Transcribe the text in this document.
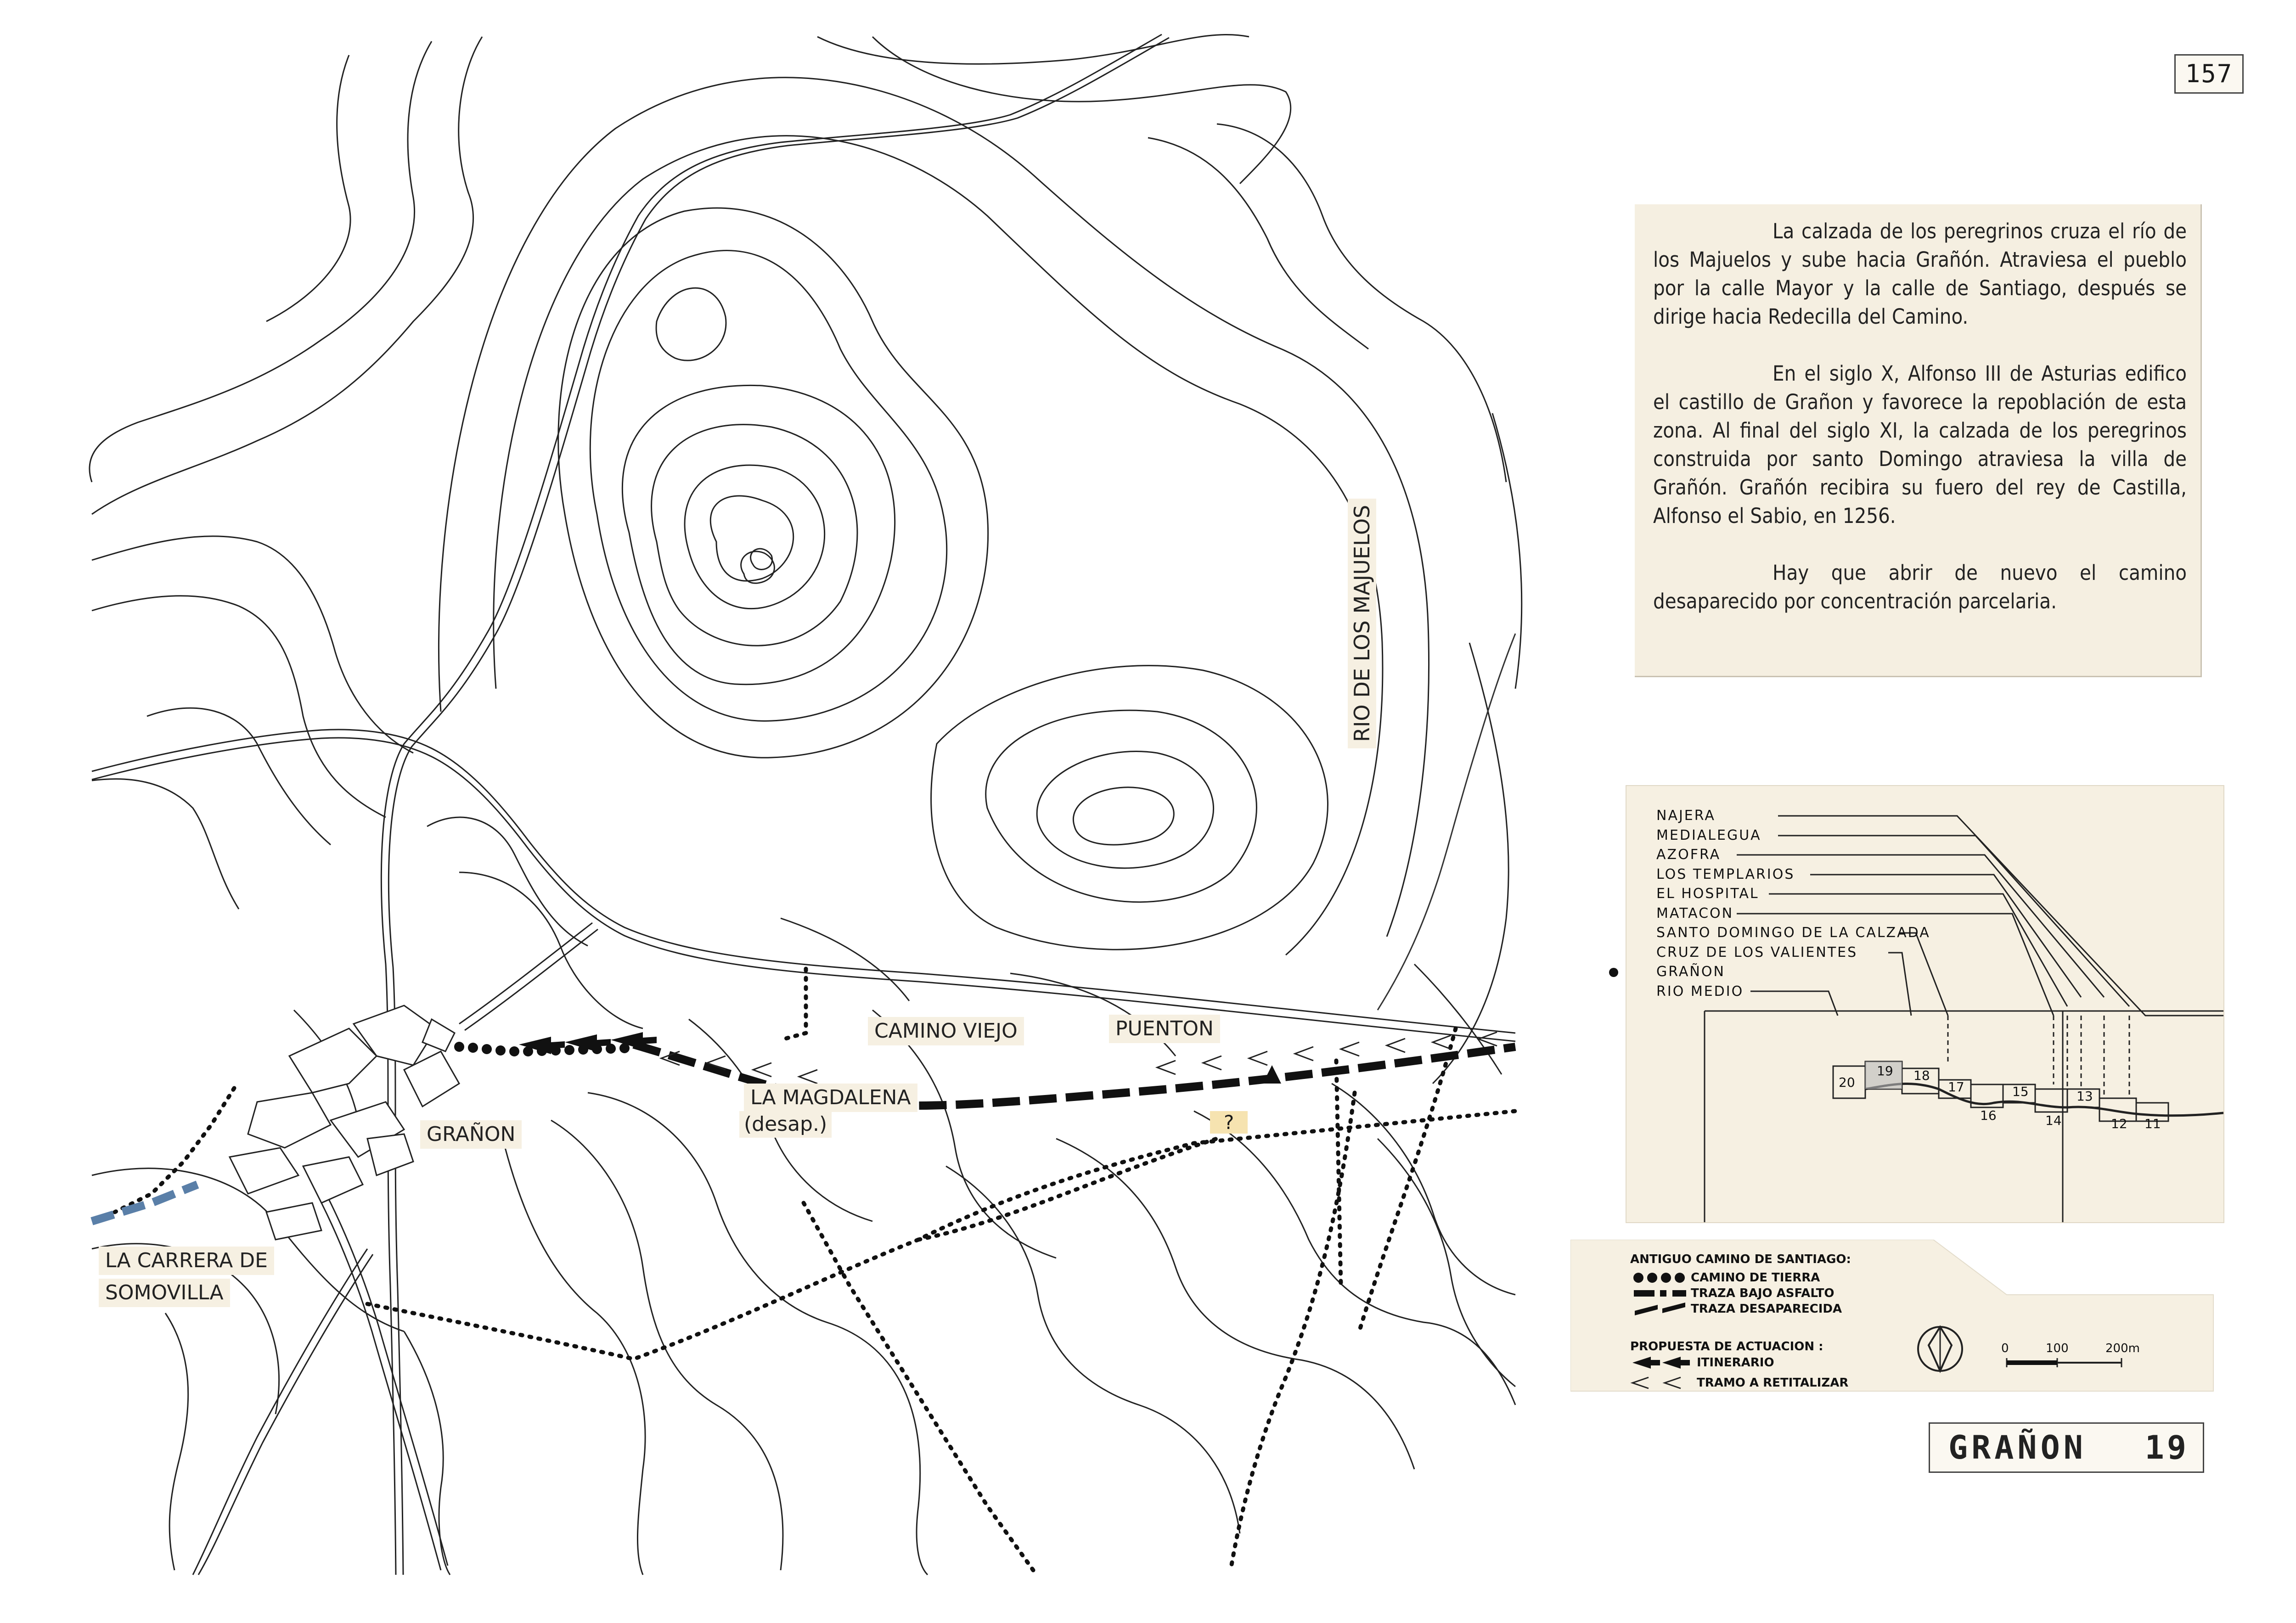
RIO DE LOS MAJUELOS
CAMINO VIEJO	PUENTON
LA MAGDALENA
(desap.)
GRAÑON
LA CARRERA DE
SOMOVILLA
?
157

La calzada de los peregrinos cruza el río de los Majuelos y sube hacia Grañón. Atraviesa el pueblo por la calle Mayor y la calle de Santiago, después se dirige hacia Redecilla del Camino.

En el siglo X, Alfonso III de Asturias edifico el castillo de Grañon y favorece la repoblación de esta zona. Al final del siglo XI, la calzada de los peregrinos construida por santo Domingo atraviesa la villa de Grañón. Grañón recibira su fuero del rey de Castilla, Alfonso el Sabio, en 1256.

Hay que abrir de nuevo el camino desaparecido por concentración parcelaria.

20
19 18
17
16
15
14
13
12 11
NAJERA
MEDIALEGUA
AZOFRA
LOS TEMPLARIOS
EL HOSPITAL
MATACON
SANTO DOMINGO DE LA CALZADA
CRUZ DE LOS VALIENTES
GRAÑON
RIO MEDIO
ANTIGUO CAMINO DE SANTIAGO:
CAMINO DE TIERRA
TRAZA BAJO ASFALTO
TRAZA DESAPARECIDA
PROPUESTA DE ACTUACION :
ITINERARIO
TRAMO A RETITALIZAR
0	100	200m
GRAÑON 19
